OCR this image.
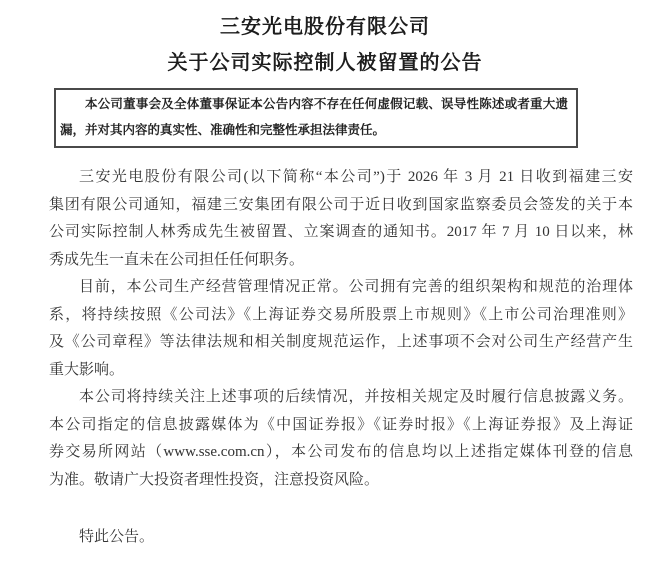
三安光电股份有限公司
关于公司实际控制人被留置的公告
本公司董事会及全体董事保证本公告内容不存在任何虚假记载、误导性陈述或者重大遗
漏，并对其内容的真实性、准确性和完整性承担法律责任。
三安光电股份有限公司(以下简称“本公司”)于 2026 年 3 月 21 日收到福建三安
集团有限公司通知，福建三安集团有限公司于近日收到国家监察委员会签发的关于本
公司实际控制人林秀成先生被留置、立案调查的通知书。2017 年 7 月 10 日以来，林
秀成先生一直未在公司担任任何职务。
目前，本公司生产经营管理情况正常。公司拥有完善的组织架构和规范的治理体
系，将持续按照《公司法》《上海证券交易所股票上市规则》《上市公司治理准则》
及《公司章程》等法律法规和相关制度规范运作，上述事项不会对公司生产经营产生
重大影响。
本公司将持续关注上述事项的后续情况，并按相关规定及时履行信息披露义务。
本公司指定的信息披露媒体为《中国证券报》《证券时报》《上海证券报》及上海证
券交易所网站（www.sse.com.cn），本公司发布的信息均以上述指定媒体刊登的信息
为准。敬请广大投资者理性投资，注意投资风险。
特此公告。
